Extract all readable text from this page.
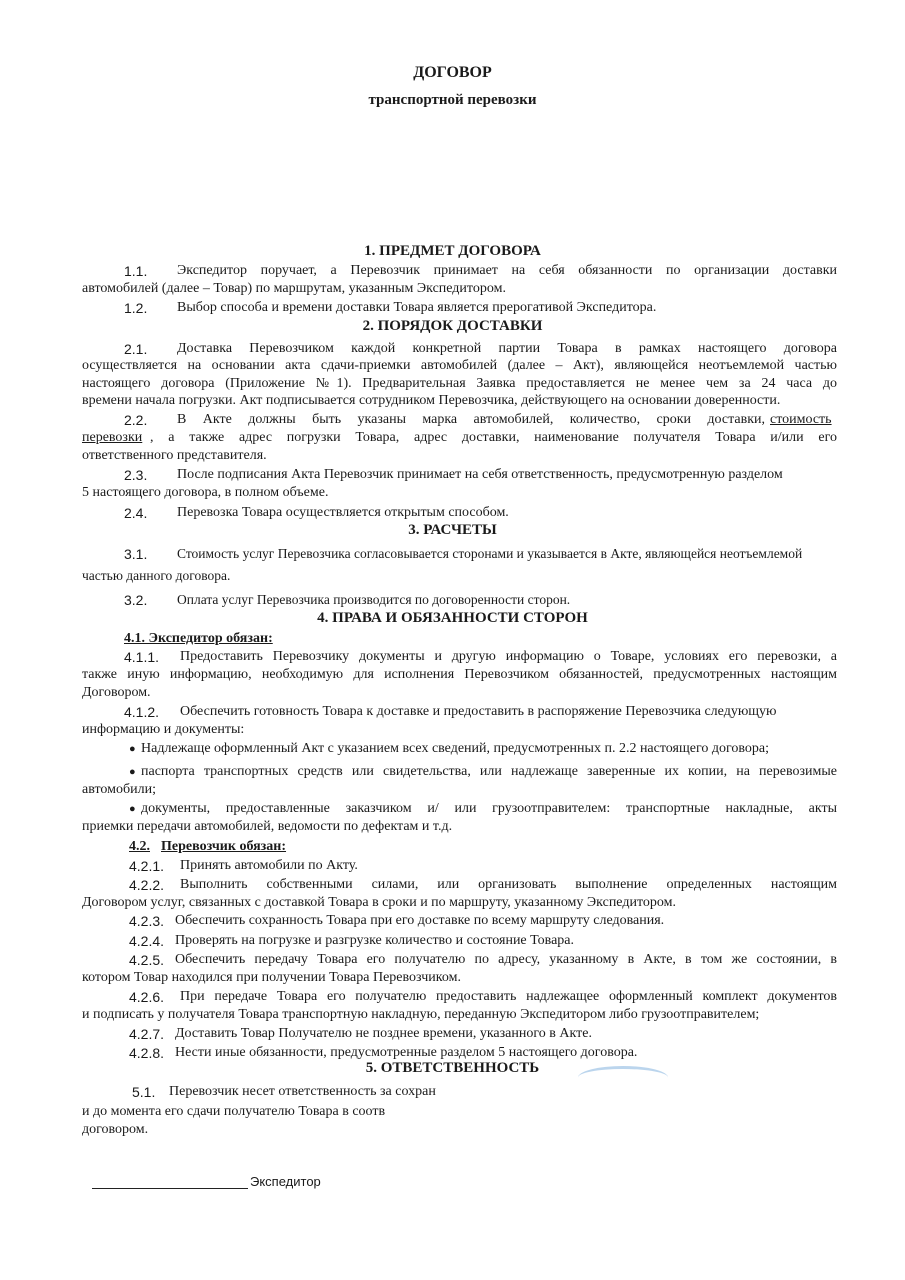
ДОГОВОР
транспортной перевозки
1. ПРЕДМЕТ ДОГОВОРА
1.1. Экспедитор поручает, а Перевозчик принимает на себя обязанности по организации доставки
автомобилей (далее – Товар) по маршрутам, указанным Экспедитором.
1.2. Выбор способа и времени доставки Товара является прерогативой Экспедитора.
2. ПОРЯДОК ДОСТАВКИ
2.1. Доставка Перевозчиком каждой конкретной партии Товара в рамках настоящего договора
осуществляется на основании акта сдачи-приемки автомобилей (далее – Акт), являющейся неотъемлемой частью
настоящего договора (Приложение №1). Предварительная Заявка предоставляется не менее чем за 24 часа до
времени начала погрузки. Акт подписывается сотрудником Перевозчика, действующего на основании доверенности.
2.2. В Акте должны быть указаны марка автомобилей, количество, сроки доставки, стоимость
перевозки , а также адрес погрузки Товара, адрес доставки, наименование получателя Товара и/или его
ответственного представителя.
2.3. После подписания Акта Перевозчик принимает на себя ответственность, предусмотренную разделом
5 настоящего договора, в полном объеме.
2.4. Перевозка Товара осуществляется открытым способом.
3. РАСЧЕТЫ
3.1. Стоимость услуг Перевозчика согласовывается сторонами и указывается в Акте, являющейся неотъемлемой
частью данного договора.
3.2. Оплата услуг Перевозчика производится по договоренности сторон.
4. ПРАВА И ОБЯЗАННОСТИ СТОРОН
4.1. Экспедитор обязан:
4.1.1. Предоставить Перевозчику документы и другую информацию о Товаре, условиях его перевозки, а
также иную информацию, необходимую для исполнения Перевозчиком обязанностей, предусмотренных настоящим
Договором.
4.1.2. Обеспечить готовность Товара к доставке и предоставить в распоряжение Перевозчика следующую
информацию и документы:
● Надлежаще оформленный Акт с указанием всех сведений, предусмотренных п. 2.2 настоящего договора;
● паспорта транспортных средств или свидетельства, или надлежаще заверенные их копии, на перевозимые
автомобили;
● документы, предоставленные заказчиком и/ или грузоотправителем: транспортные накладные, акты
приемки передачи автомобилей, ведомости по дефектам и т.д.
4.2. Перевозчик обязан:
4.2.1. Принять автомобили по Акту.
4.2.2. Выполнить собственными силами, или организовать выполнение определенных настоящим
Договором услуг, связанных с доставкой Товара в сроки и по маршруту, указанному Экспедитором.
4.2.3. Обеспечить сохранность Товара при его доставке по всему маршруту следования.
4.2.4. Проверять на погрузке и разгрузке количество и состояние Товара.
4.2.5. Обеспечить передачу Товара его получателю по адресу, указанному в Акте, в том же состоянии, в
котором Товар находился при получении Товара Перевозчиком.
4.2.6. При передаче Товара его получателю предоставить надлежащее оформленный комплект документов
и подписать у получателя Товара транспортную накладную, переданную Экспедитором либо грузоотправителем;
4.2.7. Доставить Товар Получателю не позднее времени, указанного в Акте.
4.2.8. Нести иные обязанности, предусмотренные разделом 5 настоящего договора.
5. ОТВЕТСТВЕННОСТЬ
5.1. Перевозчик несет ответственность за сохран
и до момента его сдачи получателю Товара в соотв
договором.
Экспедитор
